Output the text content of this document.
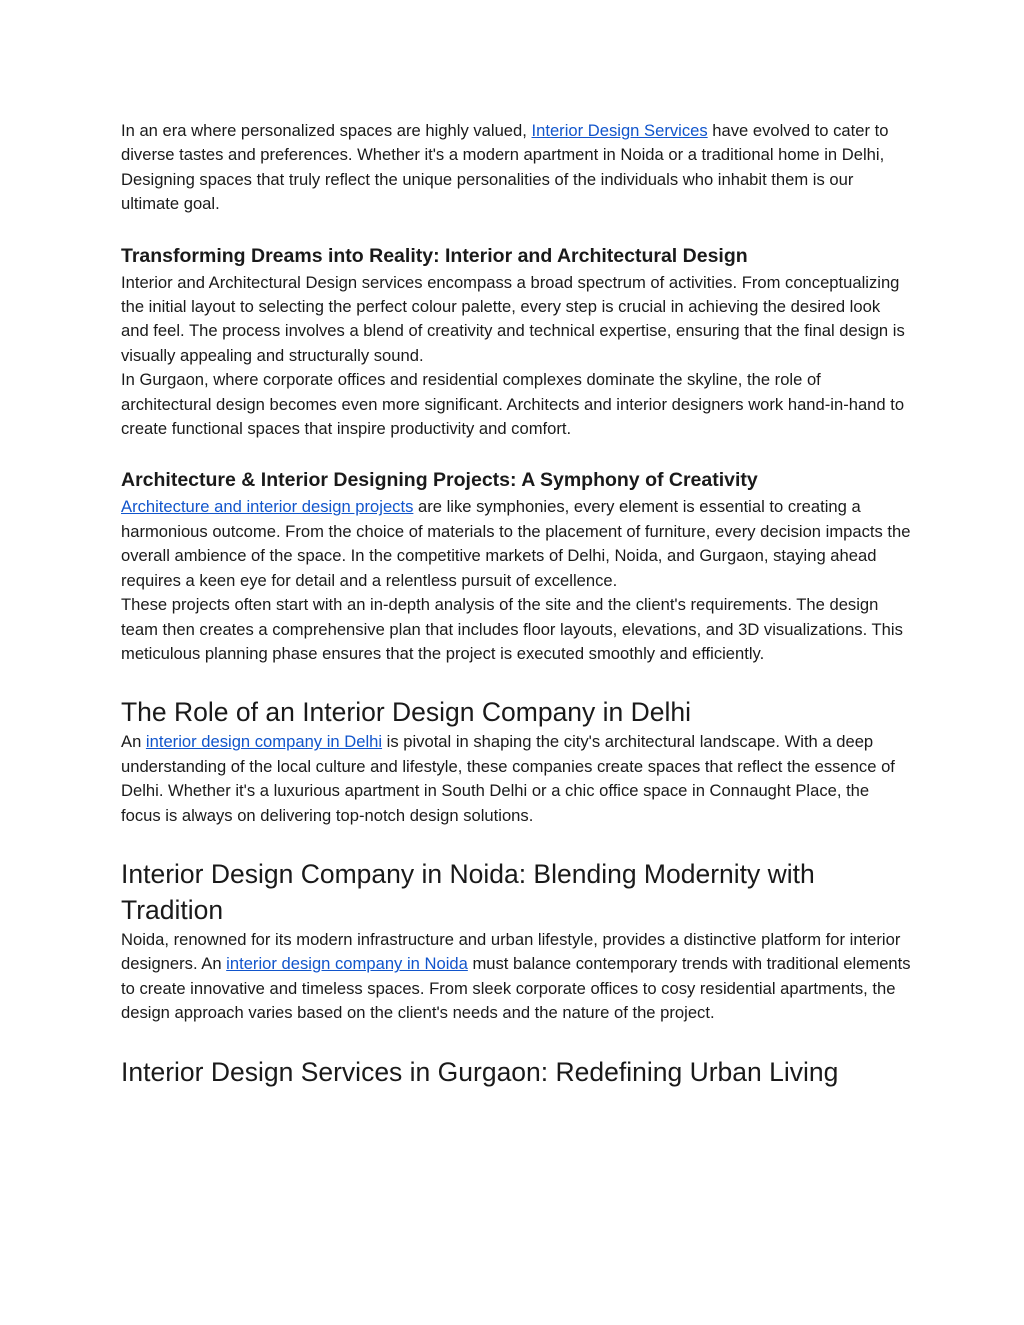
In an era where personalized spaces are highly valued, Interior Design Services have evolved to cater to diverse tastes and preferences. Whether it's a modern apartment in Noida or a traditional home in Delhi, Designing spaces that truly reflect the unique personalities of the individuals who inhabit them is our ultimate goal.

Transforming Dreams into Reality: Interior and Architectural Design

Interior and Architectural Design services encompass a broad spectrum of activities. From conceptualizing the initial layout to selecting the perfect colour palette, every step is crucial in achieving the desired look and feel. The process involves a blend of creativity and technical expertise, ensuring that the final design is visually appealing and structurally sound.

In Gurgaon, where corporate offices and residential complexes dominate the skyline, the role of architectural design becomes even more significant. Architects and interior designers work hand-in-hand to create functional spaces that inspire productivity and comfort.

Architecture & Interior Designing Projects: A Symphony of Creativity

Architecture and interior design projects are like symphonies, every element is essential to creating a harmonious outcome. From the choice of materials to the placement of furniture, every decision impacts the overall ambience of the space. In the competitive markets of Delhi, Noida, and Gurgaon, staying ahead requires a keen eye for detail and a relentless pursuit of excellence.

These projects often start with an in-depth analysis of the site and the client's requirements. The design team then creates a comprehensive plan that includes floor layouts, elevations, and 3D visualizations. This meticulous planning phase ensures that the project is executed smoothly and efficiently.

The Role of an Interior Design Company in Delhi

An interior design company in Delhi is pivotal in shaping the city's architectural landscape. With a deep understanding of the local culture and lifestyle, these companies create spaces that reflect the essence of Delhi. Whether it's a luxurious apartment in South Delhi or a chic office space in Connaught Place, the focus is always on delivering top-notch design solutions.

Interior Design Company in Noida: Blending Modernity with Tradition

Noida, renowned for its modern infrastructure and urban lifestyle, provides a distinctive platform for interior designers. An interior design company in Noida must balance contemporary trends with traditional elements to create innovative and timeless spaces. From sleek corporate offices to cosy residential apartments, the design approach varies based on the client's needs and the nature of the project.

Interior Design Services in Gurgaon: Redefining Urban Living
